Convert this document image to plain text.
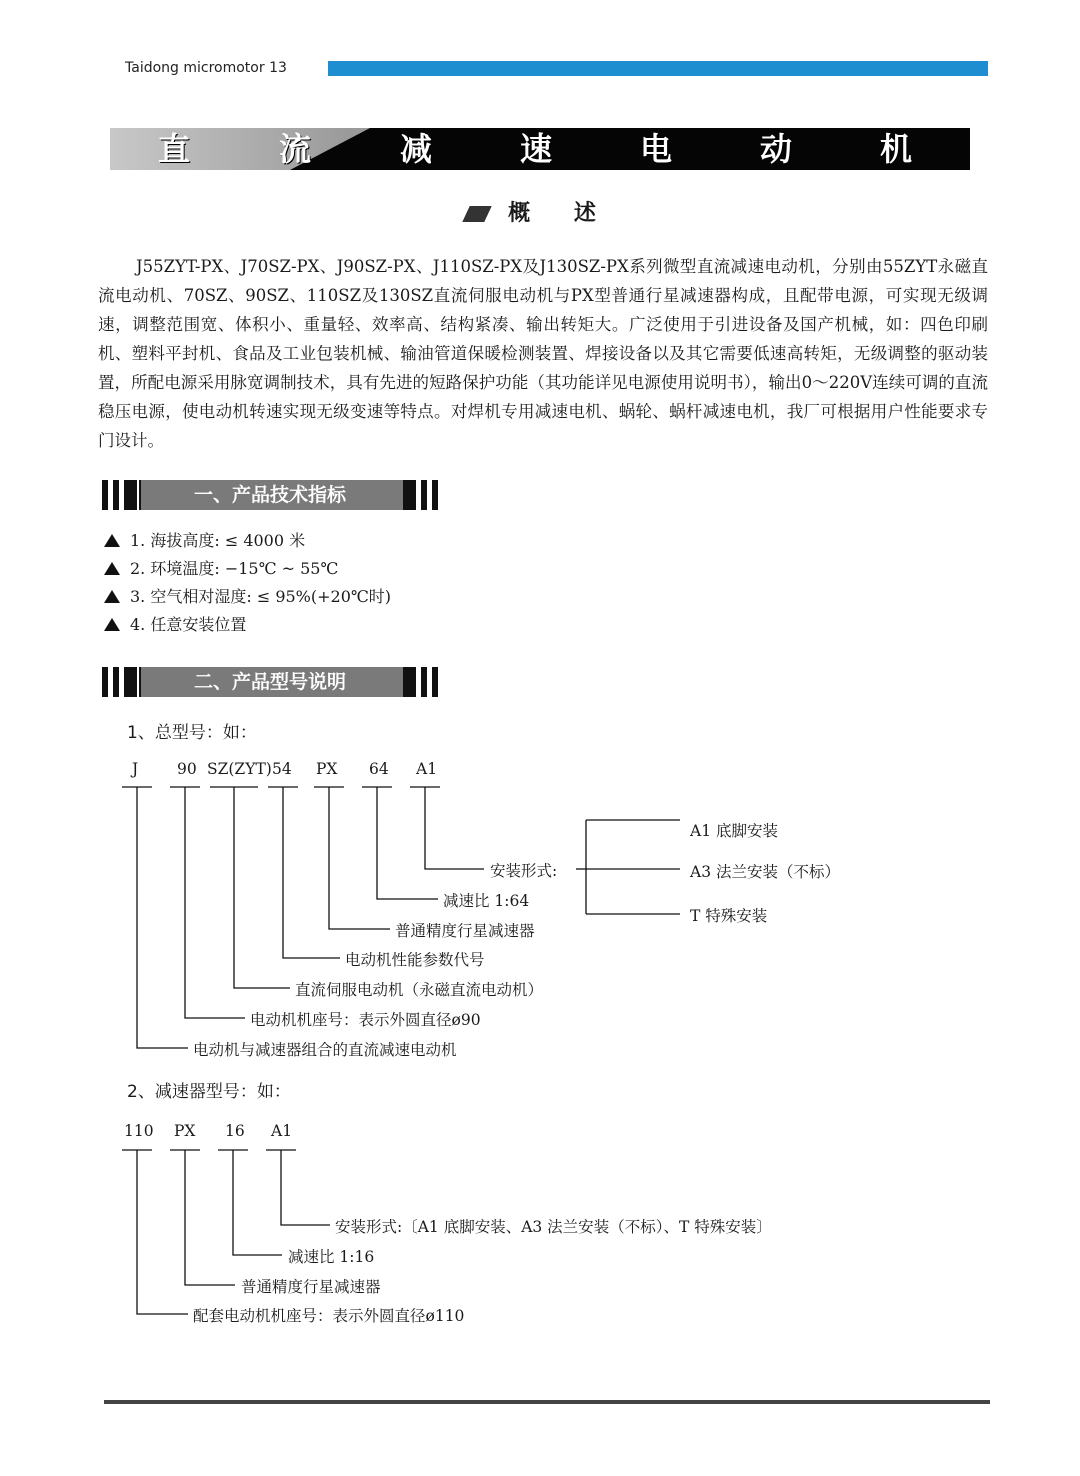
Taidong micromotor 13
直	流	减	速	电	动	机
概 述
J55ZYT-PX、J70SZ-PX、J90SZ-PX、J110SZ-PX及J130SZ-PX系列微型直流减速电动机，分别由55ZYT永磁直流电动机、70SZ、90SZ、110SZ及130SZ直流伺服电动机与PX型普通行星减速器构成，且配带电源，可实现无级调速，调整范围宽、体积小、重量轻、效率高、结构紧凑、输出转矩大。广泛使用于引进设备及国产机械，如：四色印刷机、塑料平封机、食品及工业包装机械、输油管道保暖检测装置、焊接设备以及其它需要低速高转矩，无级调整的驱动装置，所配电源采用脉宽调制技术，具有先进的短路保护功能（其功能详见电源使用说明书），输出0～220V连续可调的直流稳压电源，使电动机转速实现无级变速等特点。对焊机专用减速电机、蜗轮、蜗杆减速电机，我厂可根据用户性能要求专门设计。
一、产品技术指标
1. 海拔高度: ≤ 4000 米
2. 环境温度: −15℃ ~ 55℃
3. 空气相对湿度: ≤ 95%(+20℃时)
4. 任意安装位置
二、产品型号说明
1、总型号：如：
J	90 SZ(ZYT) 54 PX 64 A1
安装形式:
减速比 1:64
普通精度行星减速器
电动机性能参数代号
直流伺服电动机（永磁直流电动机）
电动机机座号：表示外圆直径ø90
电动机与减速器组合的直流减速电动机
A1 底脚安装
A3 法兰安装（不标）
T 特殊安装
2、减速器型号：如：
110 PX 16 A1
安装形式:〔A1 底脚安装、A3 法兰安装（不标）、T 特殊安装〕
减速比 1:16
普通精度行星减速器
配套电动机机座号：表示外圆直径ø110
